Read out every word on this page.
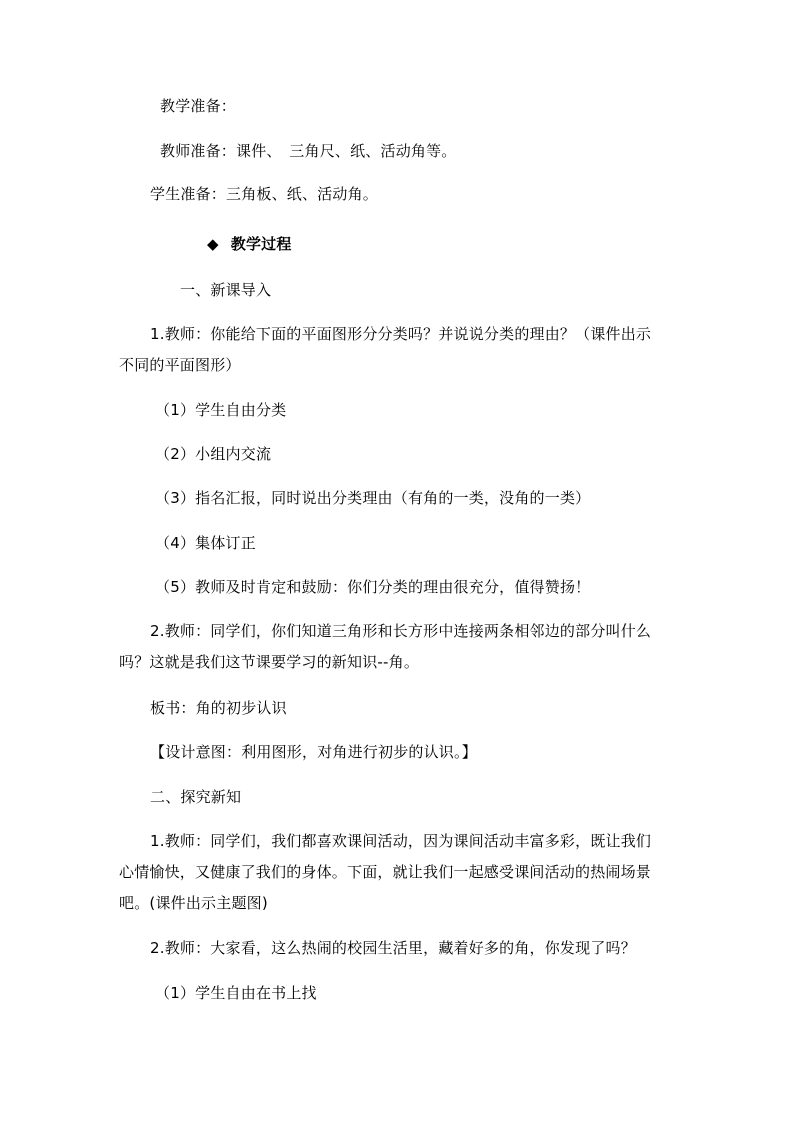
教学准备：
教师准备：课件、　三角尺、纸、活动角等。
学生准备：三角板、纸、活动角。
◆ 教学过程
一、新课导入
1.教师：你能给下面的平面图形分分类吗？并说说分类的理由？（课件出示
不同的平面图形）
（1）学生自由分类
（2）小组内交流
（3）指名汇报，同时说出分类理由（有角的一类，没角的一类）
（4）集体订正
（5）教师及时肯定和鼓励：你们分类的理由很充分，值得赞扬！
2.教师：同学们，你们知道三角形和长方形中连接两条相邻边的部分叫什么
吗？这就是我们这节课要学习的新知识--角。
板书：角的初步认识
【设计意图：利用图形，对角进行初步的认识。】
二、探究新知
1.教师：同学们，我们都喜欢课间活动，因为课间活动丰富多彩，既让我们
心情愉快，又健康了我们的身体。下面，就让我们一起感受课间活动的热闹场景
吧。(课件出示主题图)
2.教师：大家看，这么热闹的校园生活里，藏着好多的角，你发现了吗？
（1）学生自由在书上找
